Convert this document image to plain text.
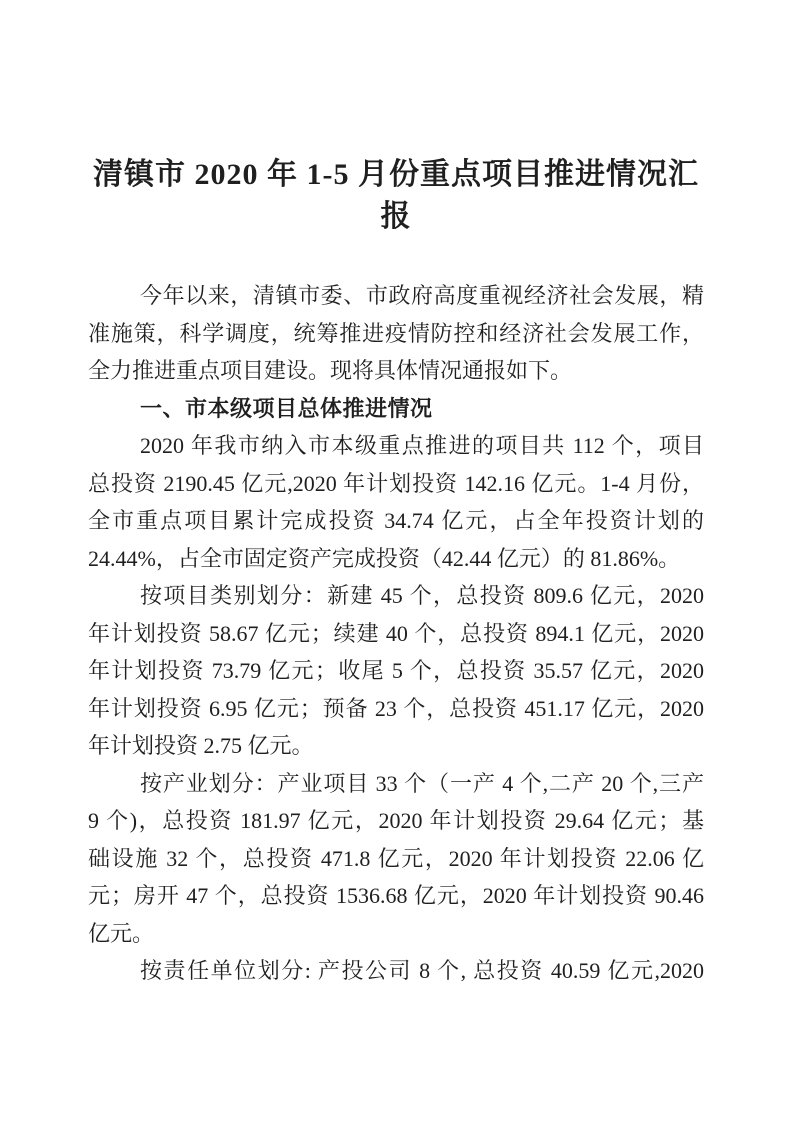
清镇市 2020 年 1-5 月份重点项目推进情况汇
报
今年以来，清镇市委、市政府高度重视经济社会发展，精
准施策，科学调度，统筹推进疫情防控和经济社会发展工作，
全力推进重点项目建设。现将具体情况通报如下。
一、市本级项目总体推进情况
2020 年我市纳入市本级重点推进的项目共 112 个，项目
总投资 2190.45 亿元,2020 年计划投资 142.16 亿元。1-4 月份，
全市重点项目累计完成投资 34.74 亿元，占全年投资计划的
24.44%，占全市固定资产完成投资（42.44 亿元）的 81.86%。
按项目类别划分：新建 45 个，总投资 809.6 亿元，2020
年计划投资 58.67 亿元；续建 40 个，总投资 894.1 亿元，2020
年计划投资 73.79 亿元；收尾 5 个，总投资 35.57 亿元，2020
年计划投资 6.95 亿元；预备 23 个，总投资 451.17 亿元，2020
年计划投资 2.75 亿元。
按产业划分：产业项目 33 个（一产 4 个,二产 20 个,三产
9 个)，总投资 181.97 亿元，2020 年计划投资 29.64 亿元；基
础设施 32 个，总投资 471.8 亿元，2020 年计划投资 22.06 亿
元；房开 47 个，总投资 1536.68 亿元，2020 年计划投资 90.46
亿元。
按责任单位划分: 产投公司 8 个, 总投资 40.59 亿元,2020
